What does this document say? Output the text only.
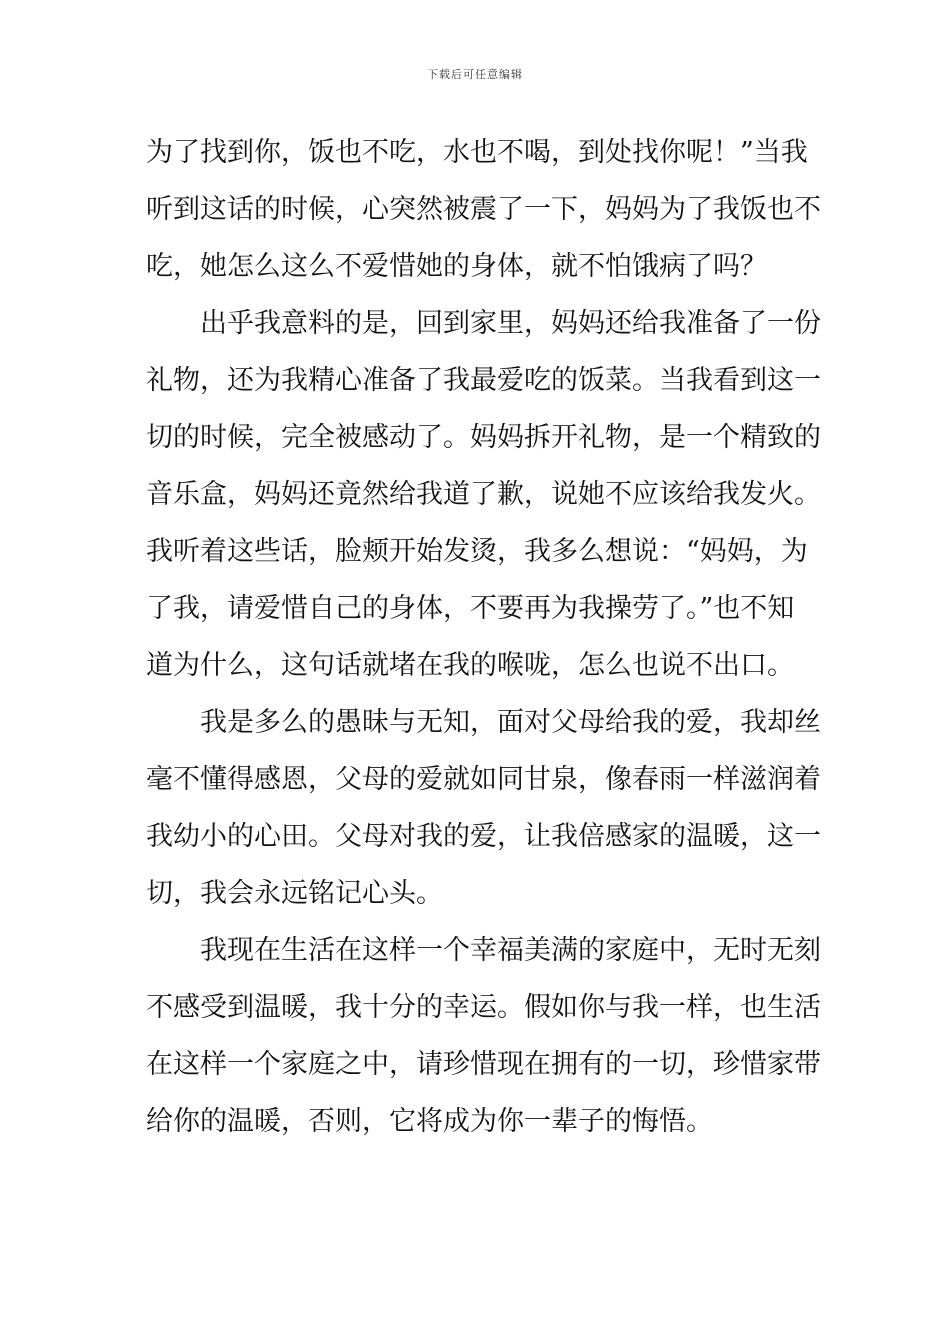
下载后可任意编辑

为了找到你，饭也不吃，水也不喝，到处找你呢！”当我
听到这话的时候，心突然被震了一下，妈妈为了我饭也不
吃，她怎么这么不爱惜她的身体，就不怕饿病了吗？

出乎我意料的是，回到家里，妈妈还给我准备了一份
礼物，还为我精心准备了我最爱吃的饭菜。当我看到这一
切的时候，完全被感动了。妈妈拆开礼物，是一个精致的
音乐盒，妈妈还竟然给我道了歉，说她不应该给我发火。
我听着这些话，脸颊开始发烫，我多么想说：“妈妈，为
了我，请爱惜自己的身体，不要再为我操劳了。”也不知
道为什么，这句话就堵在我的喉咙，怎么也说不出口。

我是多么的愚昧与无知，面对父母给我的爱，我却丝
毫不懂得感恩，父母的爱就如同甘泉，像春雨一样滋润着
我幼小的心田。父母对我的爱，让我倍感家的温暖，这一
切，我会永远铭记心头。

我现在生活在这样一个幸福美满的家庭中，无时无刻
不感受到温暖，我十分的幸运。假如你与我一样，也生活
在这样一个家庭之中，请珍惜现在拥有的一切，珍惜家带
给你的温暖，否则，它将成为你一辈子的悔悟。
